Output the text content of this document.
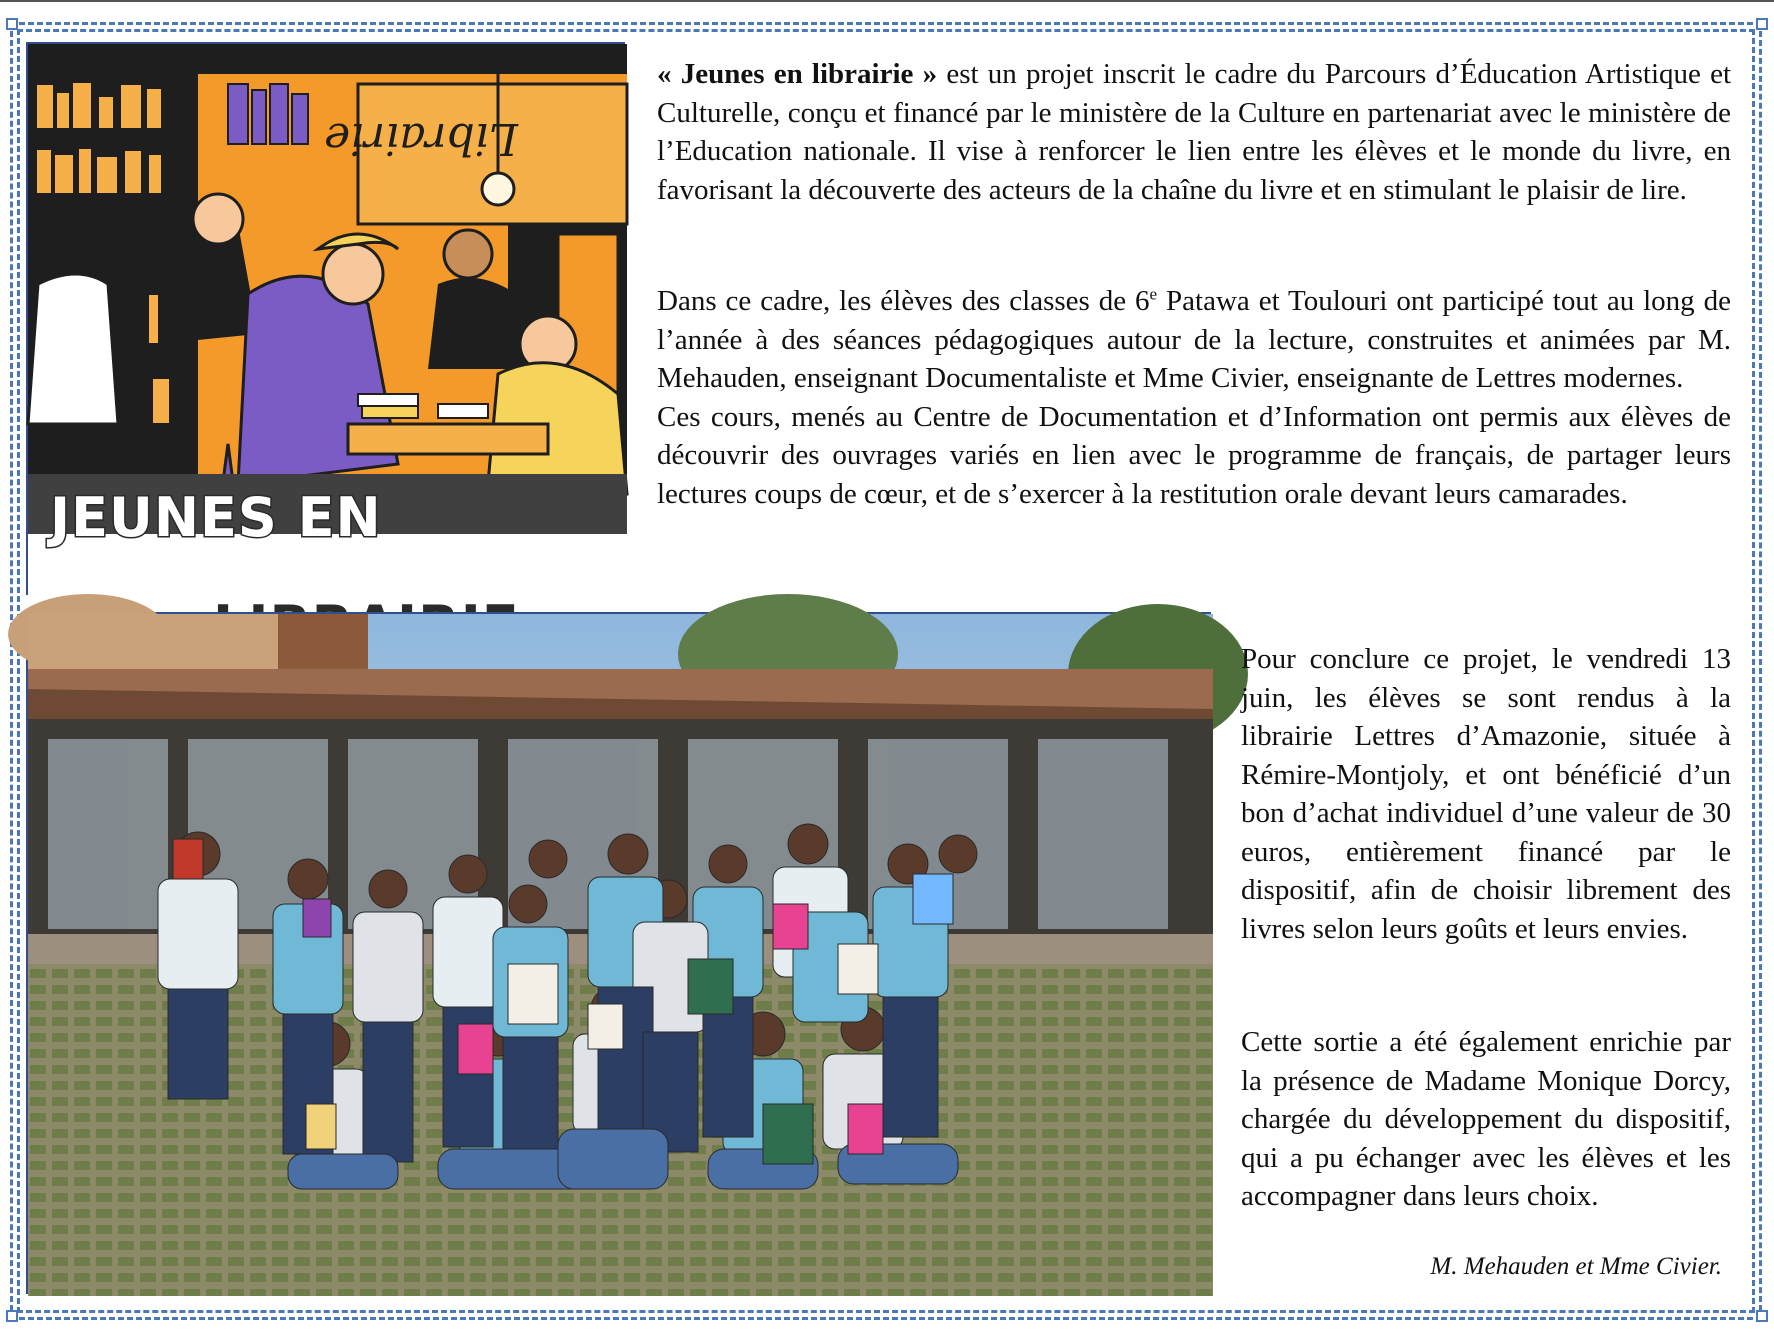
Librairie
JEUNES EN
2024-2025

« Jeunes en librairie » est un projet inscrit le cadre du Parcours d’Éducation Artistique et Culturelle, conçu et financé par le ministère de la Culture en partenariat avec le ministère de l’Education nationale. Il vise à renforcer le lien entre les élèves et le monde du livre, en favorisant la découverte des acteurs de la chaîne du livre et en stimulant le plaisir de lire.

Dans ce cadre, les élèves des classes de 6e Patawa et Toulouri ont participé tout au long de l’année à des séances pédagogiques autour de la lecture, construites et animées par M. Mehauden, enseignant Documentaliste et Mme Civier, enseignante de Lettres modernes.

Ces cours, menés au Centre de Documentation et d’Information ont permis aux élèves de découvrir des ouvrages variés en lien avec le programme de français, de partager leurs lectures coups de cœur, et de s’exercer à la restitution orale devant leurs camarades.

Pour conclure ce projet, le vendredi 13 juin, les élèves se sont rendus à la librairie Lettres d’Amazonie, située à Rémire-Montjoly, et ont bénéficié d’un bon d’achat individuel d’une valeur de 30 euros, entièrement financé par le dispositif, afin de choisir librement des livres selon leurs goûts et leurs envies.
Cette sortie a été également enrichie par la présence de Madame Monique Dorcy, chargée du développement du dispositif, qui a pu échanger avec les élèves et les accompagner dans leurs choix.
M. Mehauden et Mme Civier.
